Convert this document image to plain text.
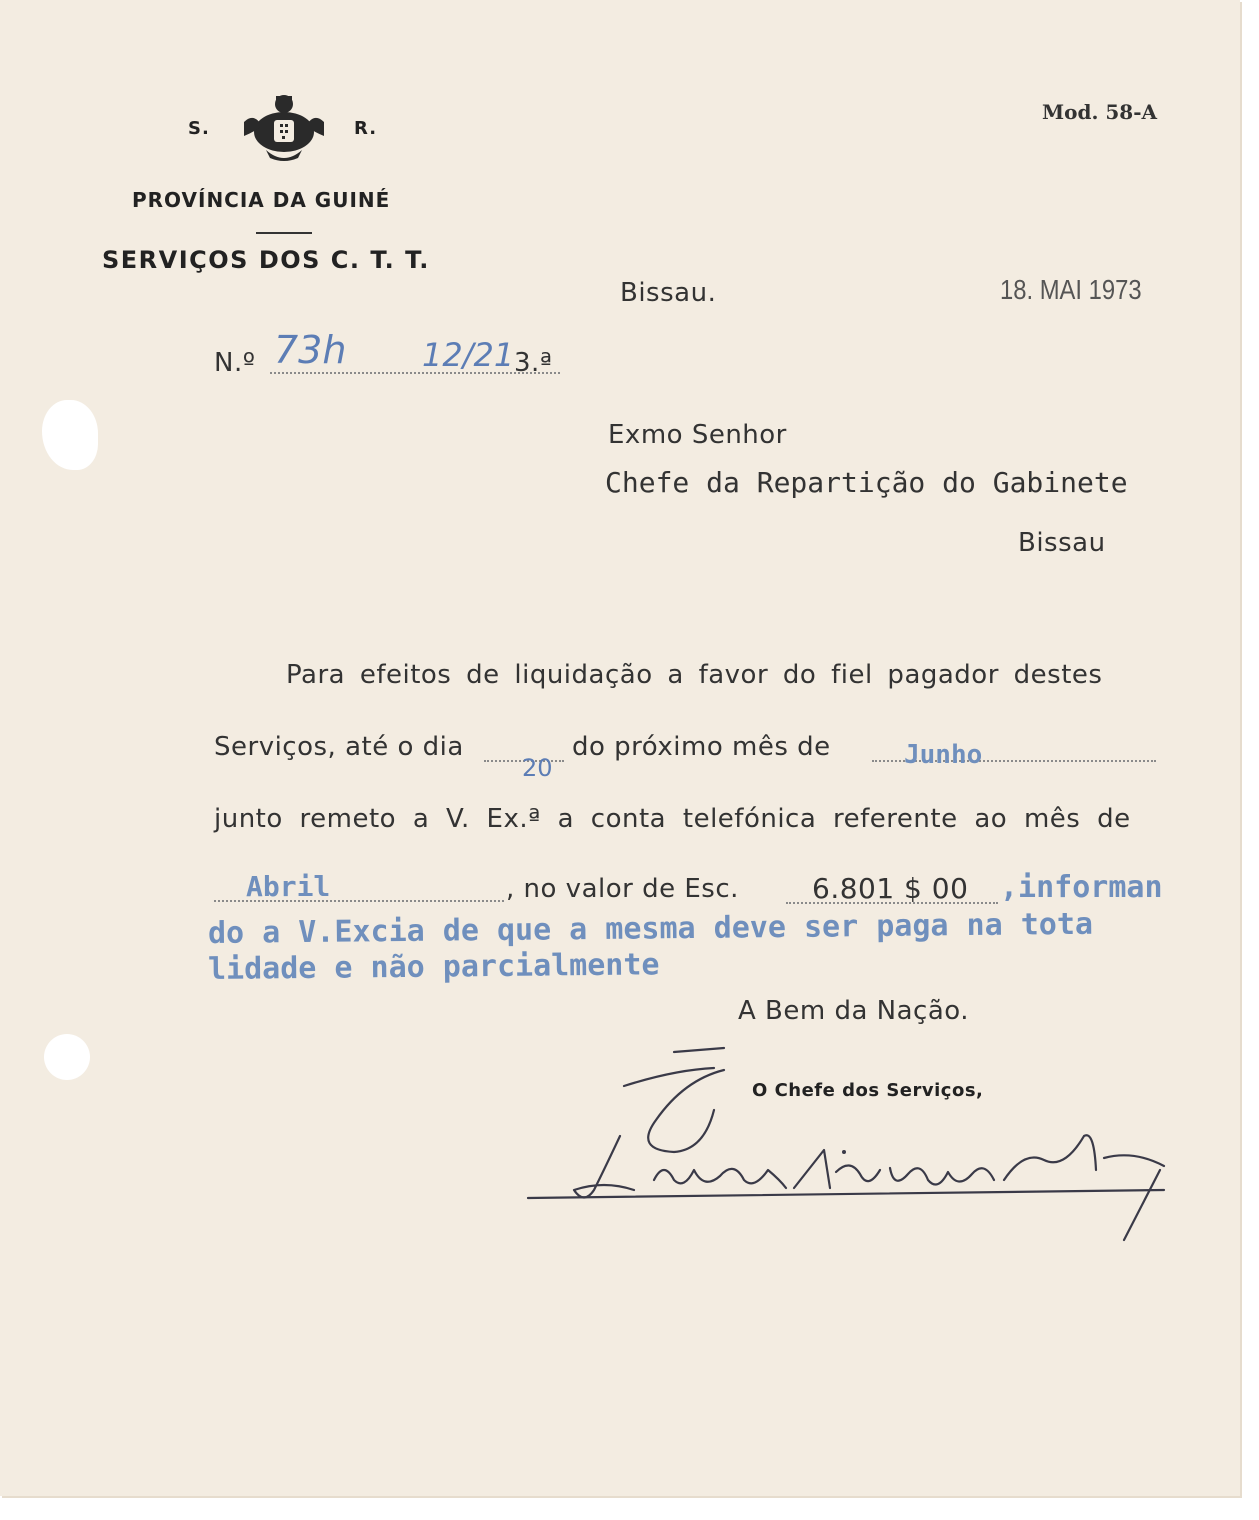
S.	R.
PROVÍNCIA DA GUINÉ
SERVIÇOS DOS C. T. T.
Mod. 58-A
Bissau.	18. MAI 1973
N.º 73h 12/21 3.ª
Exmo Senhor
Chefe da Repartição do Gabinete
Bissau
Para efeitos de liquidação a favor do fiel pagador destes
Serviços, até o dia
20
do próximo mês de	Junho
junto remeto a V. Ex.ª a conta telefónica referente ao mês de
Abril	, no valor de Esc.	6.801 $ 00 ,informan
do a V.Excia de que a mesma deve ser paga na tota
lidade e não parcialmente
A Bem da Nação.
O Chefe dos Serviços,
